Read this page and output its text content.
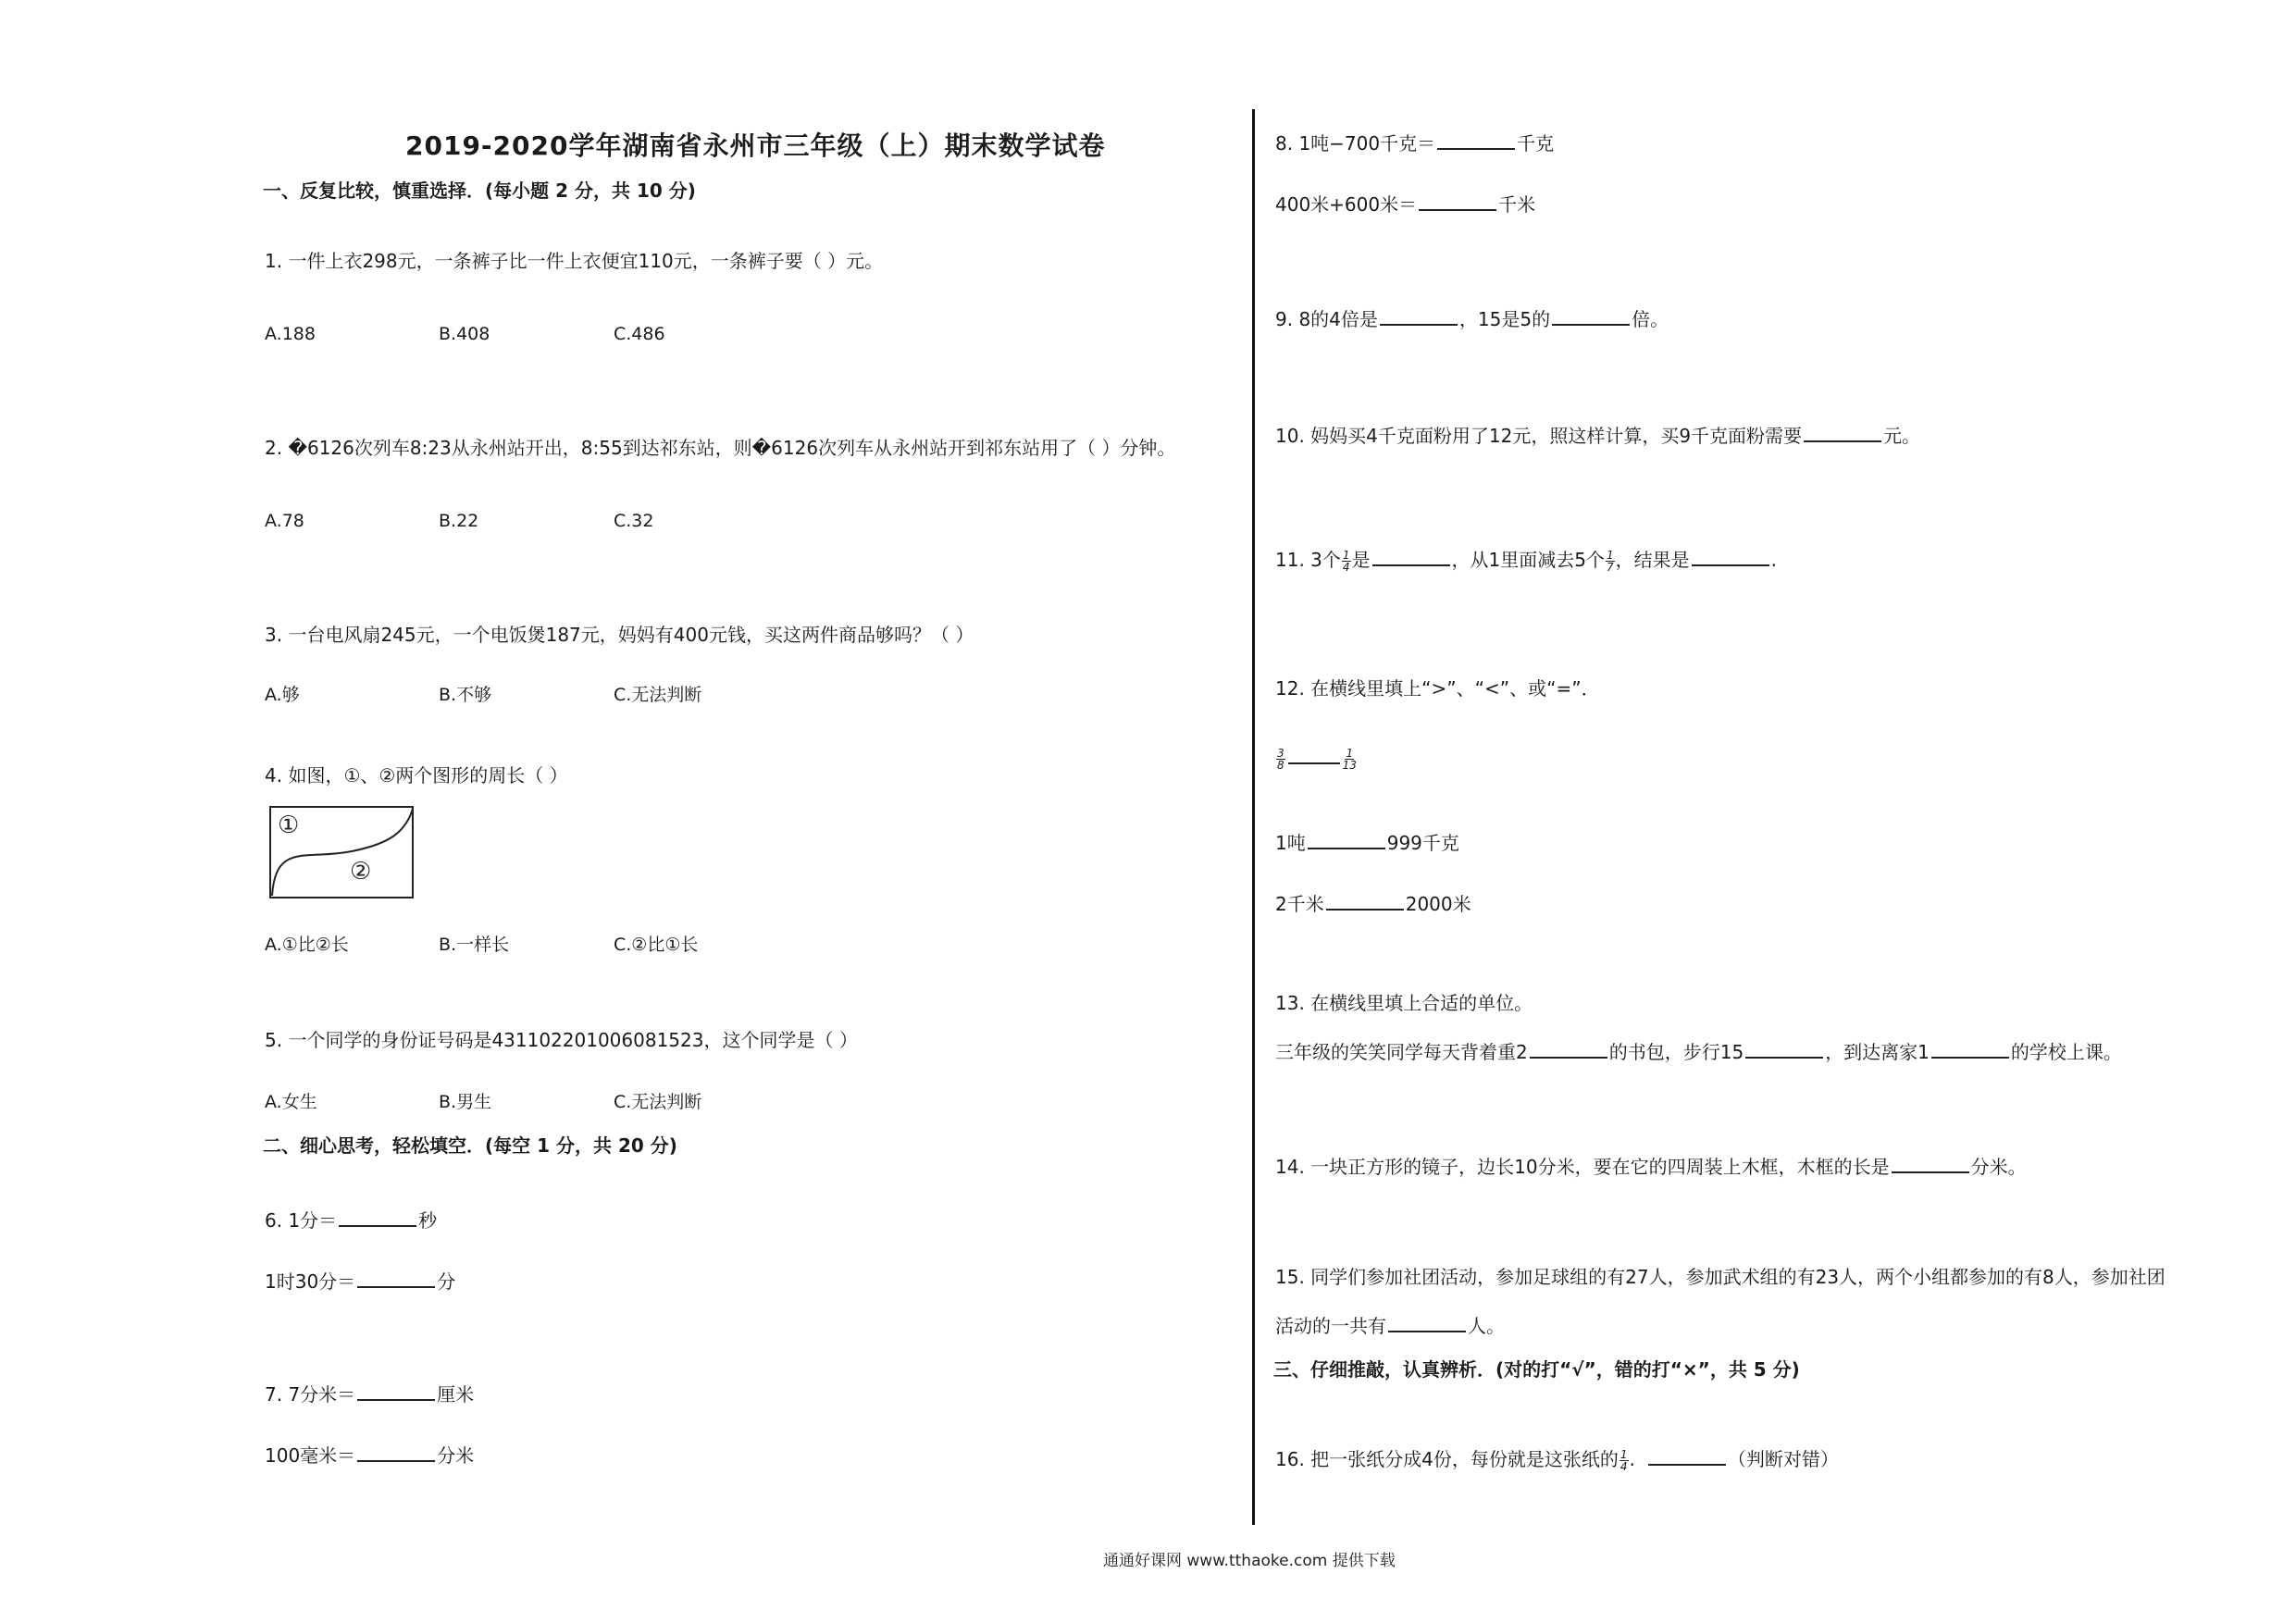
2019-2020学年湖南省永州市三年级（上）期末数学试卷
一、反复比较，慎重选择．(每小题 2 分，共 10 分)
1. 一件上衣298元，一条裤子比一件上衣便宜110元，一条裤子要（ ）元。
A.188	B.408	C.486
2. �6126次列车8:23从永州站开出，8:55到达祁东站，则�6126次列车从永州站开到祁东站用了（ ）分钟。
A.78	B.22	C.32
3. 一台电风扇245元，一个电饭煲187元，妈妈有400元钱，买这两件商品够吗？（ ）
A.够	B.不够	C.无法判断
4. 如图，①、②两个图形的周长（ ）
①
②
A.①比②长	B.一样长	C.②比①长
5. 一个同学的身份证号码是431102201006081523，这个同学是（ ）
A.女生	B.男生	C.无法判断
二、细心思考，轻松填空．(每空 1 分，共 20 分)
6. 1分＝	秒
1时30分＝	分
7. 7分米＝	厘米
100毫米＝	分米
8. 1吨−700千克＝	千克
400米+600米＝	千米
9. 8的4倍是	，15是5的	倍。
10. 妈妈买4千克面粉用了12元，照这样计算，买9千克面粉需要	元。
11. 3个 $\frac{1}{4}$ 是	，从1里面减去5个 $\frac{1}{7}$ ，结果是	.
12. 在横线里填上“>”、“<”、或“=”．
$\frac{3}{8}$	$\frac{1}{13}$
1吨	999千克
2千米	2000米
13. 在横线里填上合适的单位。
三年级的笑笑同学每天背着重2	的书包，步行15	，到达离家1	的学校上课。
14. 一块正方形的镜子，边长10分米，要在它的四周装上木框，木框的长是	分米。
15. 同学们参加社团活动，参加足球组的有27人，参加武术组的有23人，两个小组都参加的有8人，参加社团
活动的一共有	人。
三、仔细推敲，认真辨析．(对的打“√”，错的打“×”，共 5 分)
16. 把一张纸分成4份，每份就是这张纸的 $\frac{1}{4}$ .	（判断对错）
通通好课网 www.tthaoke.com 提供下载
